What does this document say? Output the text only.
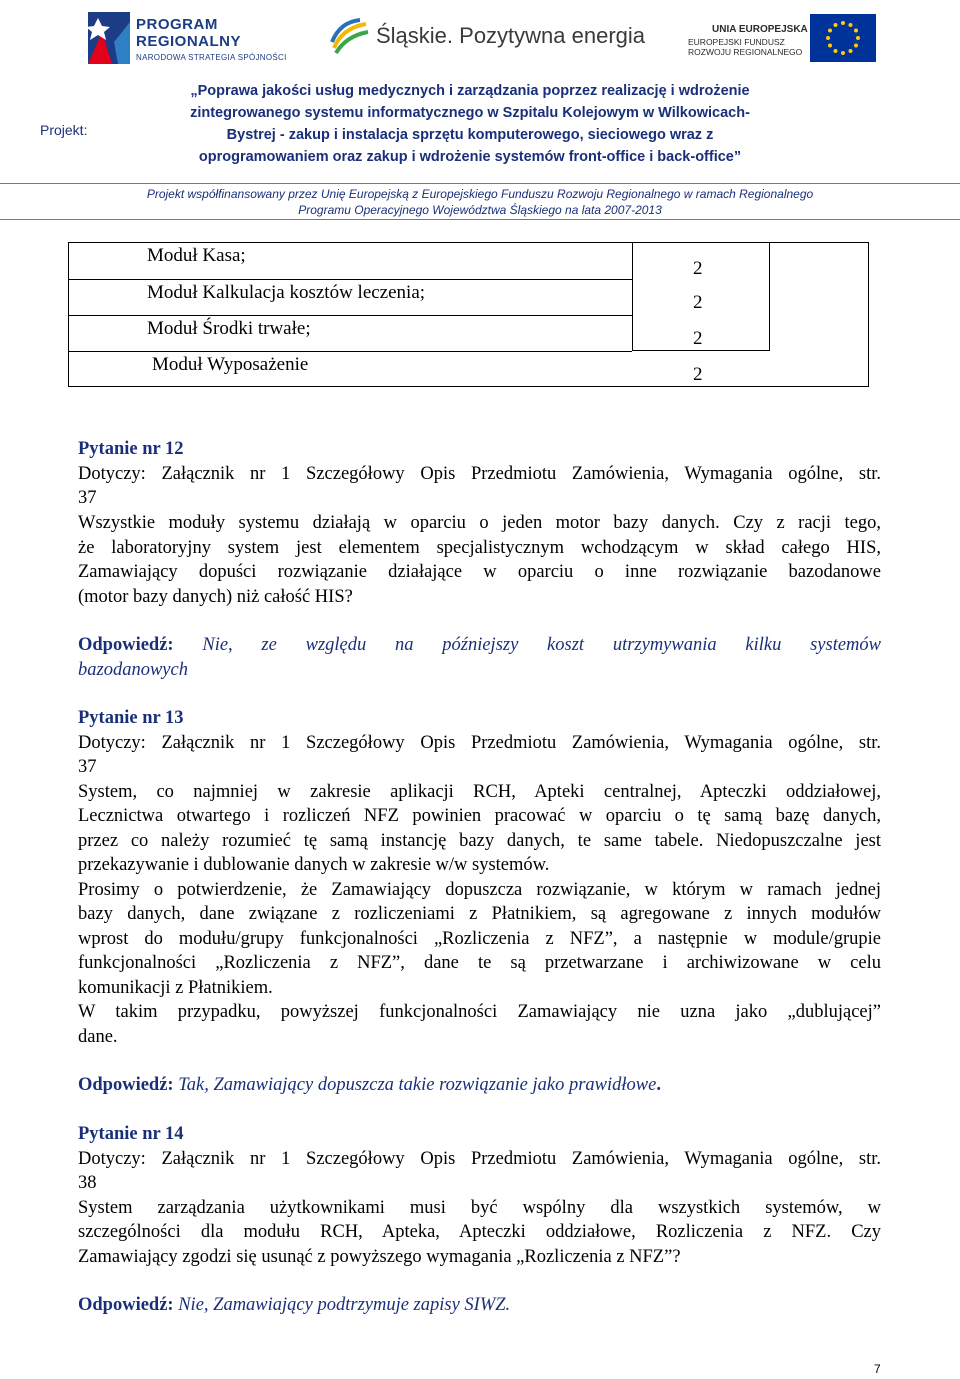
PROGRAM
REGIONALNY
NARODOWA STRATEGIA SPÓJNOŚCI
Śląskie. Pozytywna energia	UNIA EUROPEJSKA
EUROPEJSKI FUNDUSZ
ROZWOJU REGIONALNEGO
Projekt:
„Poprawa jakości usług medycznych i zarządzania poprzez realizację i wdrożenie
zintegrowanego systemu informatycznego w Szpitalu Kolejowym w Wilkowicach-
Bystrej - zakup i instalacja sprzętu komputerowego, sieciowego wraz z
oprogramowaniem oraz zakup i wdrożenie systemów front-office i back-office”
Projekt współfinansowany przez Unię Europejską z Europejskiego Funduszu Rozwoju Regionalnego w ramach Regionalnego
Programu Operacyjnego Województwa Śląskiego na lata 2007-2013
Moduł Kasa;
Moduł Kalkulacja kosztów leczenia;
Moduł Środki trwałe;
Moduł Wyposażenie
2
2
2
2
Pytanie nr 12
Dotyczy: Załącznik nr 1 Szczegółowy Opis Przedmiotu Zamówienia, Wymagania ogólne, str.
37
Wszystkie moduły systemu działają w oparciu o jeden motor bazy danych. Czy z racji tego,
że laboratoryjny system jest elementem specjalistycznym wchodzącym w skład całego HIS,
Zamawiający dopuści rozwiązanie działające w oparciu o inne rozwiązanie bazodanowe
(motor bazy danych) niż całość HIS?
Odpowiedź: Nie, ze względu na późniejszy koszt utrzymywania kilku systemów
bazodanowych
Pytanie nr 13
Dotyczy: Załącznik nr 1 Szczegółowy Opis Przedmiotu Zamówienia, Wymagania ogólne, str.
37
System, co najmniej w zakresie aplikacji RCH, Apteki centralnej, Apteczki oddziałowej,
Lecznictwa otwartego i rozliczeń NFZ powinien pracować w oparciu o tę samą bazę danych,
przez co należy rozumieć tę samą instancję bazy danych, te same tabele. Niedopuszczalne jest
przekazywanie i dublowanie danych w zakresie w/w systemów.
Prosimy o potwierdzenie, że Zamawiający dopuszcza rozwiązanie, w którym w ramach jednej
bazy danych, dane związane z rozliczeniami z Płatnikiem, są agregowane z innych modułów
wprost do modułu/grupy funkcjonalności „Rozliczenia z NFZ”, a następnie w module/grupie
funkcjonalności „Rozliczenia z NFZ”, dane te są przetwarzane i archiwizowane w celu
komunikacji z Płatnikiem.
W takim przypadku, powyższej funkcjonalności Zamawiający nie uzna jako „dublującej”
dane.
Odpowiedź: Tak, Zamawiający dopuszcza takie rozwiązanie jako prawidłowe.
Pytanie nr 14
Dotyczy: Załącznik nr 1 Szczegółowy Opis Przedmiotu Zamówienia, Wymagania ogólne, str.
38
System zarządzania użytkownikami musi być wspólny dla wszystkich systemów, w
szczególności dla modułu RCH, Apteka, Apteczki oddziałowe, Rozliczenia z NFZ. Czy
Zamawiający zgodzi się usunąć z powyższego wymagania „Rozliczenia z NFZ”?
Odpowiedź: Nie, Zamawiający podtrzymuje zapisy SIWZ.
7
